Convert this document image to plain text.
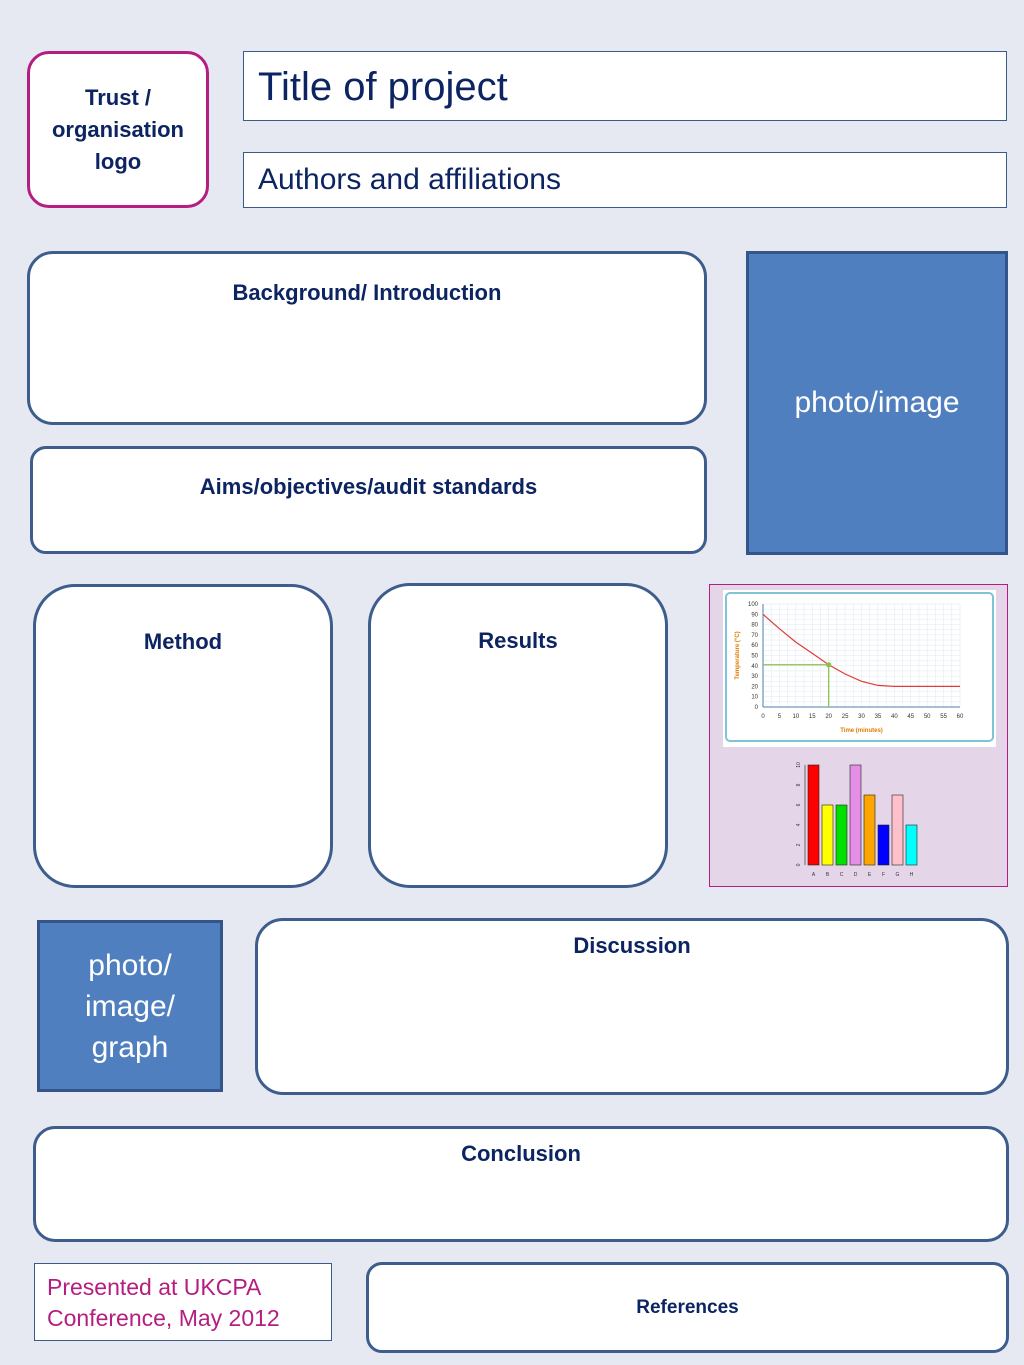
Trust /
organisation
logo
Title of project
Authors and affiliations
Background/ Introduction
Aims/objectives/audit standards
photo/image
Method	Results
0 5 10 15 20 25 30 35 40 45 50 55 60
0
10
20
30
40
50
60
70
80
90
100
Time (minutes)
Temperature (°C)
0
2
4
6
8
10
A B C D E F G H
photo/
image/
graph
Discussion
Conclusion
Presented at UKCPA
Conference, May 2012	References
